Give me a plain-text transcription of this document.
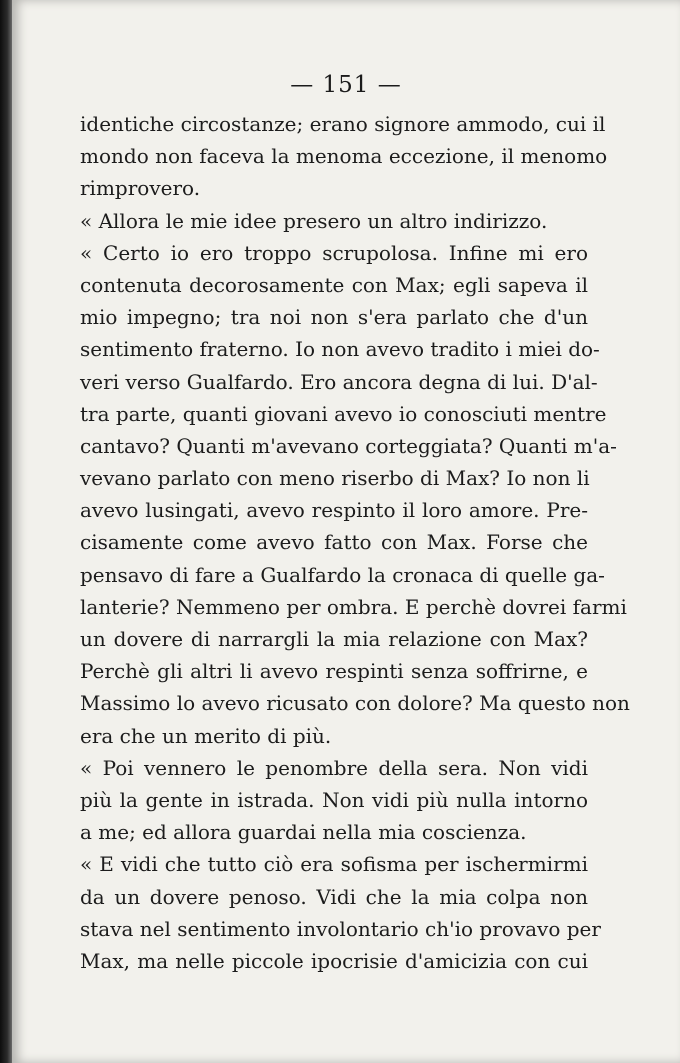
— 151 —
identiche circostanze; erano signore ammodo, cui il
mondo non faceva la menoma eccezione, il menomo
rimprovero.
« Allora le mie idee presero un altro indirizzo.
« Certo io ero troppo scrupolosa. Infine mi ero
contenuta decorosamente con Max; egli sapeva il
mio impegno; tra noi non s'era parlato che d'un
sentimento fraterno. Io non avevo tradito i miei do-
veri verso Gualfardo. Ero ancora degna di lui. D'al-
tra parte, quanti giovani avevo io conosciuti mentre
cantavo? Quanti m'avevano corteggiata? Quanti m'a-
vevano parlato con meno riserbo di Max? Io non li
avevo lusingati, avevo respinto il loro amore. Pre-
cisamente come avevo fatto con Max. Forse che
pensavo di fare a Gualfardo la cronaca di quelle ga-
lanterie? Nemmeno per ombra. E perchè dovrei farmi
un dovere di narrargli la mia relazione con Max?
Perchè gli altri li avevo respinti senza soffrirne, e
Massimo lo avevo ricusato con dolore? Ma questo non
era che un merito di più.
« Poi vennero le penombre della sera. Non vidi
più la gente in istrada. Non vidi più nulla intorno
a me; ed allora guardai nella mia coscienza.
« E vidi che tutto ciò era sofisma per ischermirmi
da un dovere penoso. Vidi che la mia colpa non
stava nel sentimento involontario ch'io provavo per
Max, ma nelle piccole ipocrisie d'amicizia con cui
